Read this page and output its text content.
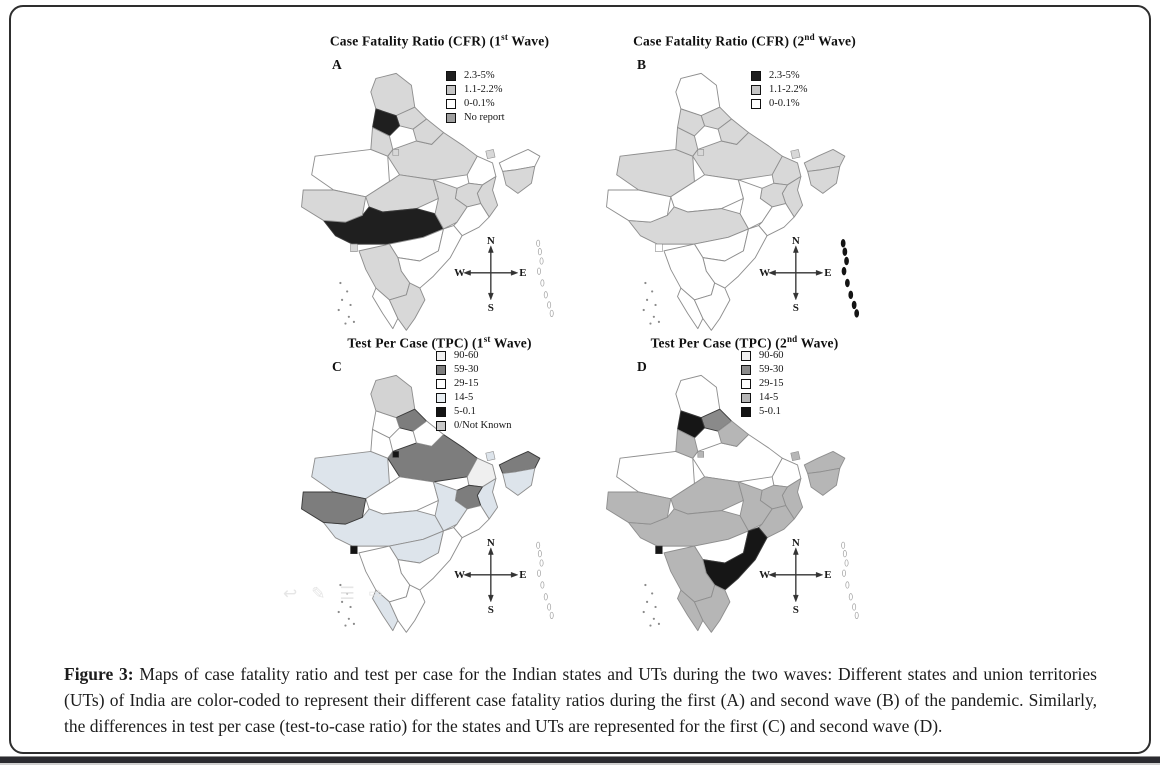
Case Fatality Ratio (CFR) (1st Wave)
A
2.3-5%
1.1-2.2%
0-0.1%
No report
N
S
W	E
Case Fatality Ratio (CFR) (2nd Wave)
B
2.3-5%
1.1-2.2%
0-0.1%
N
S
W	E
Test Per Case (TPC) (1st Wave)
C
90-60
59-30
29-15
14-5
5-0.1
0/Not Known
N
S
W	E
Test Per Case (TPC) (2nd Wave)
D
90-60
59-30
29-15
14-5
5-0.1
N
S
W	E
↩ ✎ ☰ ⇨

Figure 3: Maps of case fatality ratio and test per case for the Indian states and UTs during the two waves: Different states and union territories (UTs) of India are color-coded to represent their different case fatality ratios during the first (A) and second wave (B) of the pandemic. Similarly, the differences in test per case (test-to-case ratio) for the states and UTs are represented for the first (C) and second wave (D).
